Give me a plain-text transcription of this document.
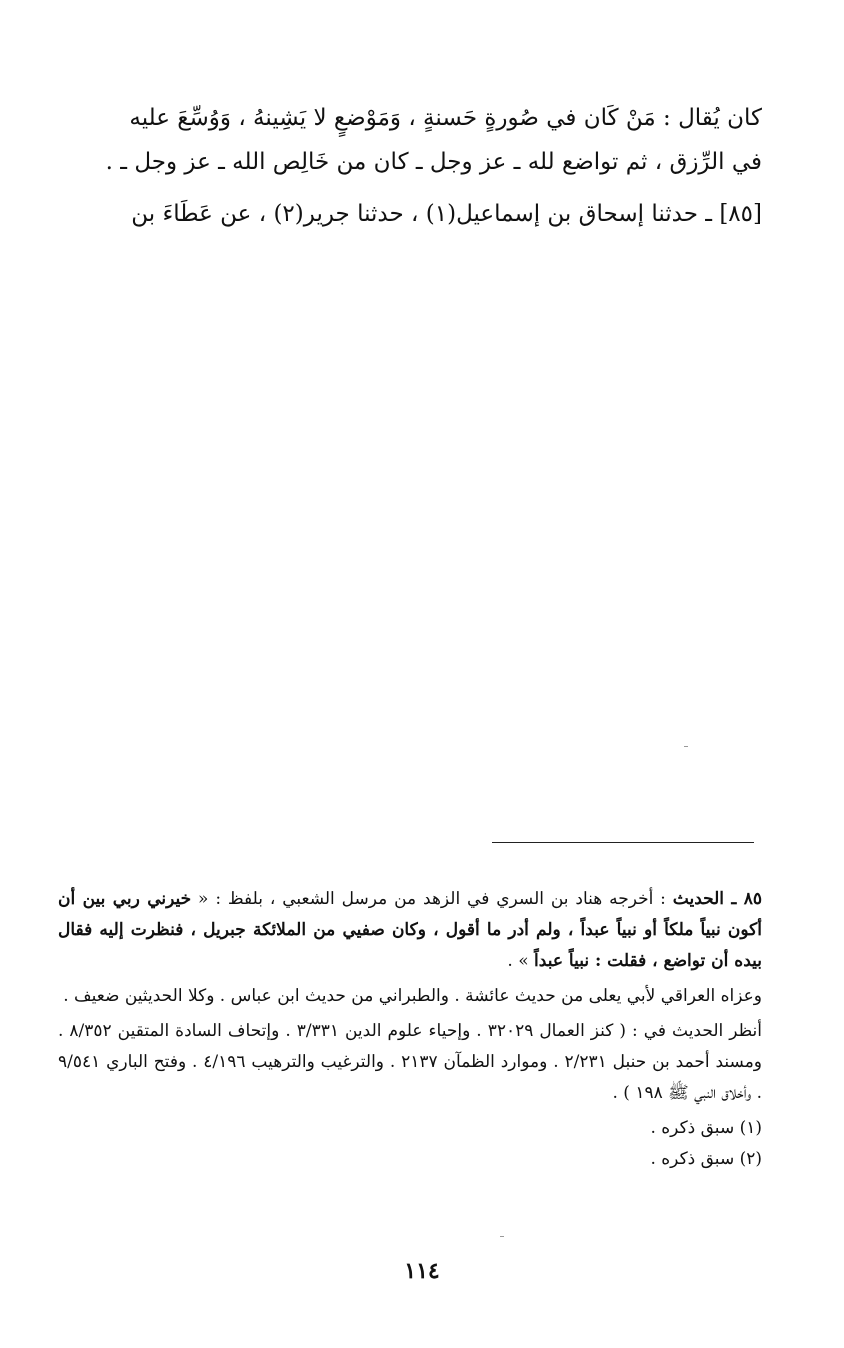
كان يُقال : مَنْ كَان في صُورةٍ حَسنةٍ ، وَمَوْضعٍ لا يَشِينهُ ، وَوُسِّعَ عليه

في الرِّزق ، ثم تواضع لله ـ عز وجل ـ كان من خَالِص الله ـ عز وجل ـ .

[٨٥] ـ حدثنا إسحاق بن إسماعيل(١) ، حدثنا جرير(٢) ، عن عَطَاءَ بن

٨٥ ـ الحديث : أخرجه هناد بن السري في الزهد من مرسل الشعبي ، بلفظ : « خيرني ربي بين أن أكون نبياً ملكاً أو نبياً عبداً ، ولم أدر ما أقول ، وكان صفيي من الملائكة جبريل ، فنظرت إليه فقال بيده أن تواضع ، فقلت : نبياً عبداً » .

وعزاه العراقي لأبي يعلى من حديث عائشة . والطبراني من حديث ابن عباس . وكلا الحديثين ضعيف .

أنظر الحديث في : ( كنز العمال ٣٢٠٢٩ . وإحياء علوم الدين ٣/٣٣١ . وإتحاف السادة المتقين ٨/٣٥٢ . ومسند أحمد بن حنبل ٢/٢٣١ . وموارد الظمآن ٢١٣٧ . والترغيب والترهيب ٤/١٩٦ . وفتح الباري ٩/٥٤١ . وأخلاق النبي ﷺ ١٩٨ ) .

(١) سبق ذكره .

(٢) سبق ذكره .

١١٤
